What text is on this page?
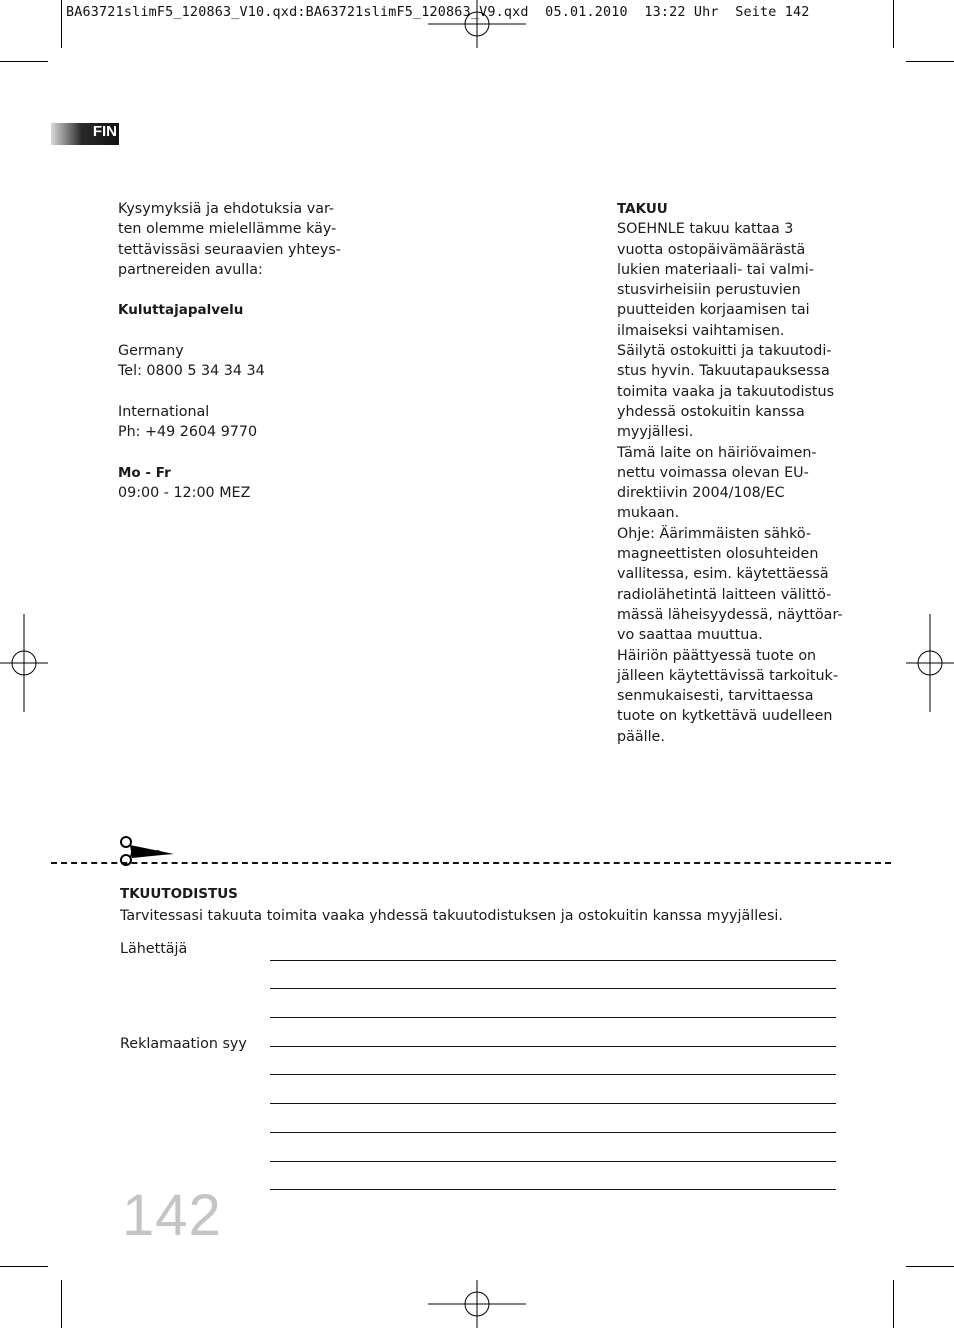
BA63721slimF5_120863_V10.qxd:BA63721slimF5_120863_V9.qxd  05.01.2010  13:22 Uhr  Seite 142
FIN

Kysymyksiä ja ehdotuksia var-

ten olemme mielellämme käy-

tettävissäsi seuraavien yhteys-

partnereiden avulla:

Kuluttajapalvelu

Germany

Tel: 0800 5 34 34 34

International

Ph: +49 2604 9770

Mo - Fr

09:00 - 12:00 MEZ

TAKUU

SOEHNLE takuu kattaa 3

vuotta ostopäivämäärästä

lukien materiaali- tai valmi-

stusvirheisiin perustuvien

puutteiden korjaamisen tai

ilmaiseksi vaihtamisen.

Säilytä ostokuitti ja takuutodi-

stus hyvin. Takuutapauksessa

toimita vaaka ja takuutodistus

yhdessä ostokuitin kanssa

myyjällesi.

Tämä laite on häiriövaimen-

nettu voimassa olevan EU-

direktiivin 2004/108/EC

mukaan.

Ohje: Äärimmäisten sähkö-

magneettisten olosuhteiden

vallitessa, esim. käytettäessä

radiolähetintä laitteen välittö-

mässä läheisyydessä, näyttöar-

vo saattaa muuttua.

Häiriön päättyessä tuote on

jälleen käytettävissä tarkoituk-

senmukaisesti, tarvittaessa

tuote on kytkettävä uudelleen

päälle.

TKUUTODISTUS
Tarvitessasi takuuta toimita vaaka yhdessä takuutodistuksen ja ostokuitin kanssa myyjällesi.
Lähettäjä
Reklamaation syy
142
